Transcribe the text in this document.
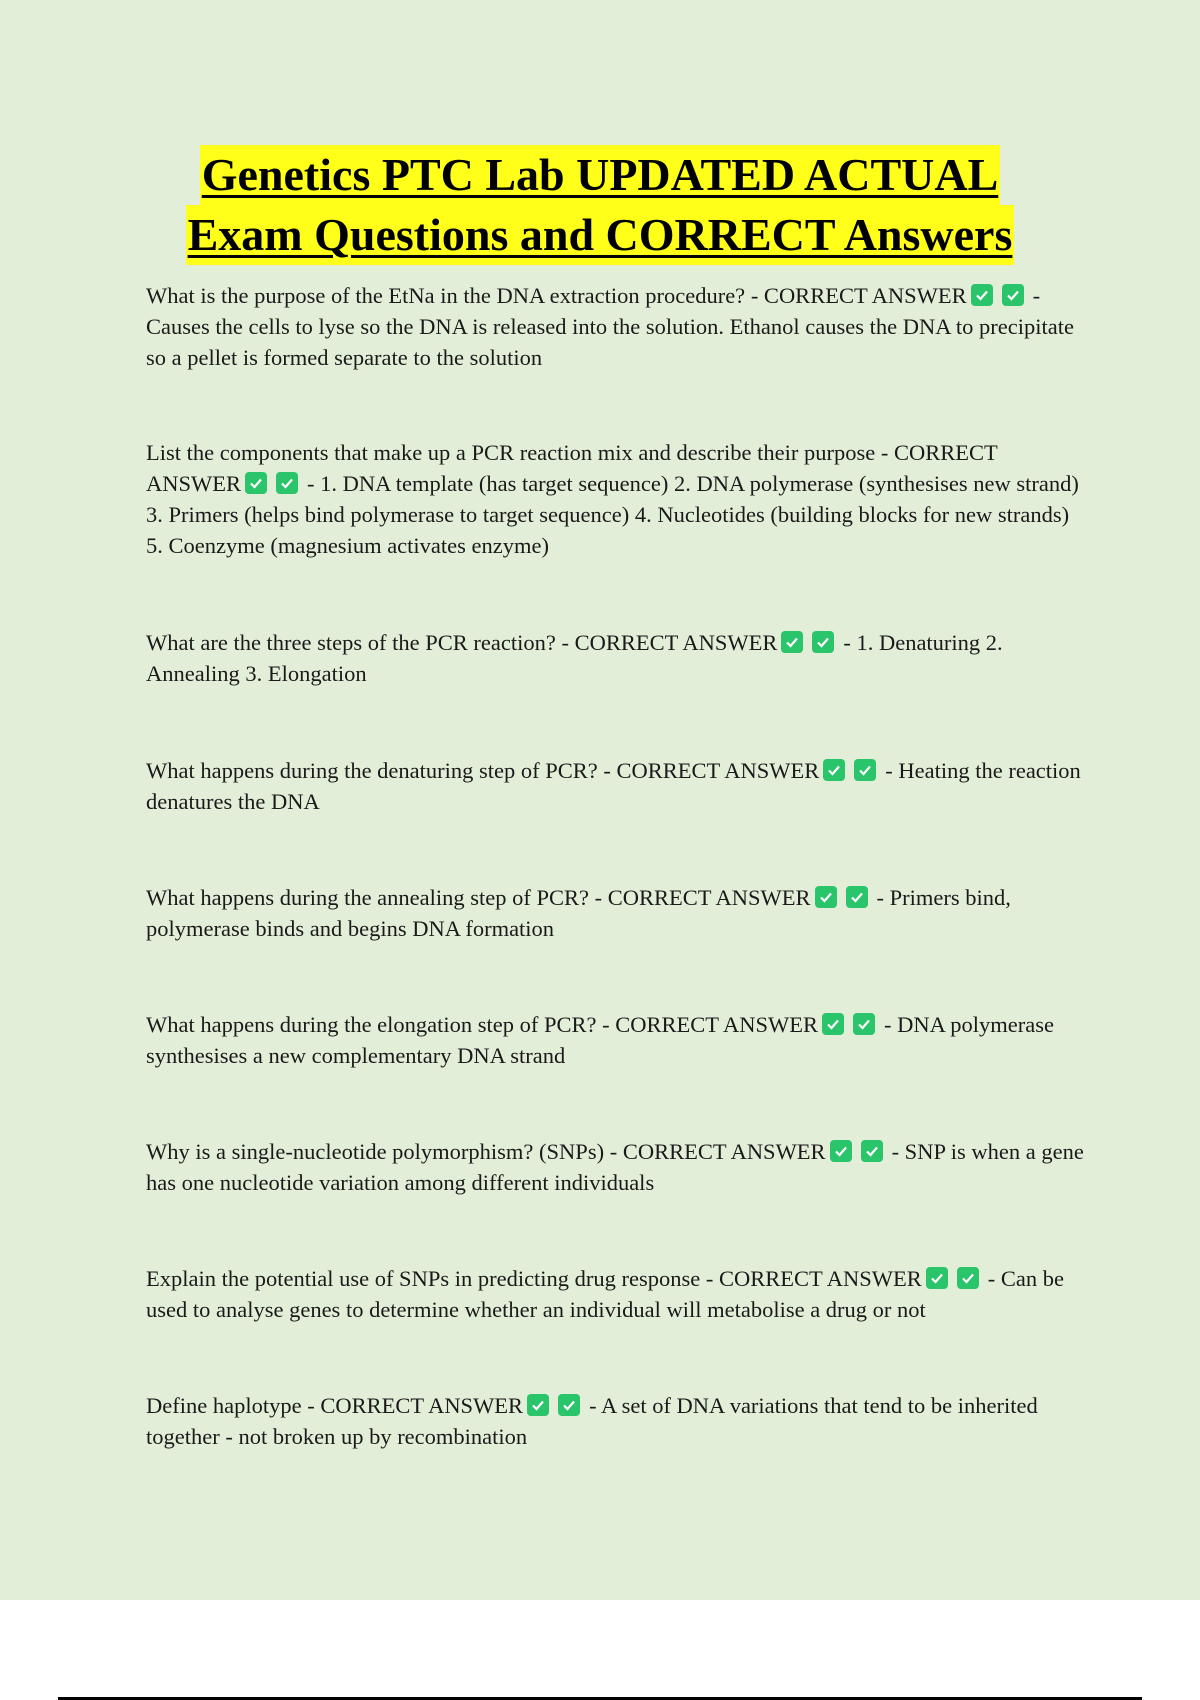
Genetics PTC Lab UPDATED ACTUAL
Exam Questions and CORRECT Answers
What is the purpose of the EtNa in the DNA extraction procedure? - CORRECT ANSWER	- Causes the cells to lyse so the DNA is released into the solution. Ethanol causes the DNA to precipitate so a pellet is formed separate to the solution
List the components that make up a PCR reaction mix and describe their purpose - CORRECT ANSWER	- 1. DNA template (has target sequence) 2. DNA polymerase (synthesises new strand) 3. Primers (helps bind polymerase to target sequence) 4. Nucleotides (building blocks for new strands) 5. Coenzyme (magnesium activates enzyme)
What are the three steps of the PCR reaction? - CORRECT ANSWER	- 1. Denaturing 2. Annealing 3. Elongation
What happens during the denaturing step of PCR? - CORRECT ANSWER	- Heating the reaction denatures the DNA
What happens during the annealing step of PCR? - CORRECT ANSWER	- Primers bind, polymerase binds and begins DNA formation
What happens during the elongation step of PCR? - CORRECT ANSWER	- DNA polymerase synthesises a new complementary DNA strand
Why is a single-nucleotide polymorphism? (SNPs) - CORRECT ANSWER	- SNP is when a gene has one nucleotide variation among different individuals
Explain the potential use of SNPs in predicting drug response - CORRECT ANSWER	- Can be used to analyse genes to determine whether an individual will metabolise a drug or not
Define haplotype - CORRECT ANSWER	- A set of DNA variations that tend to be inherited together - not broken up by recombination
